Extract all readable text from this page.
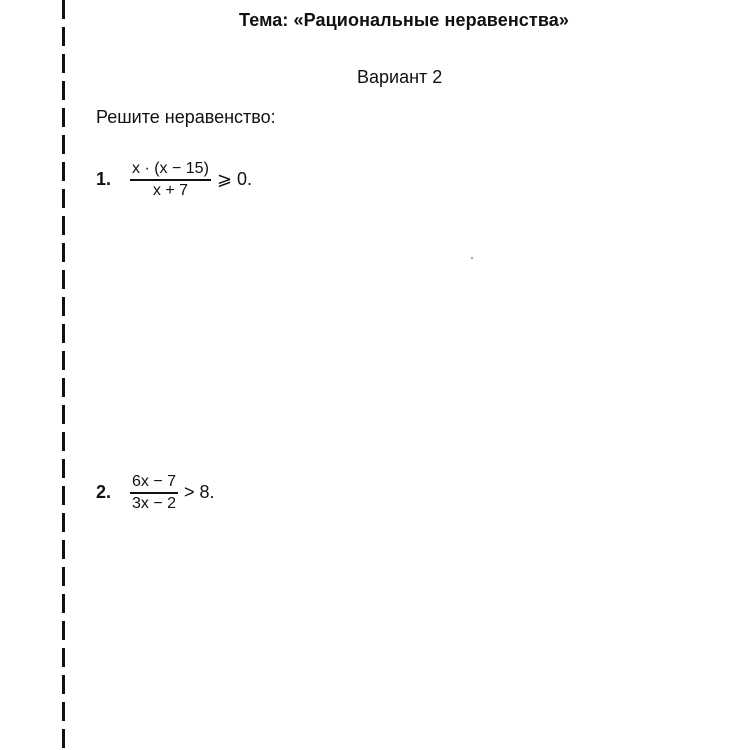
Тема: «Рациональные неравенства»
Вариант 2
Решите неравенство:
1.	$\frac{x \cdot (x - 15)}{x + 7}$ ⩾ 0.
2.	$\frac{6x - 7}{3x - 2} > 8$.
